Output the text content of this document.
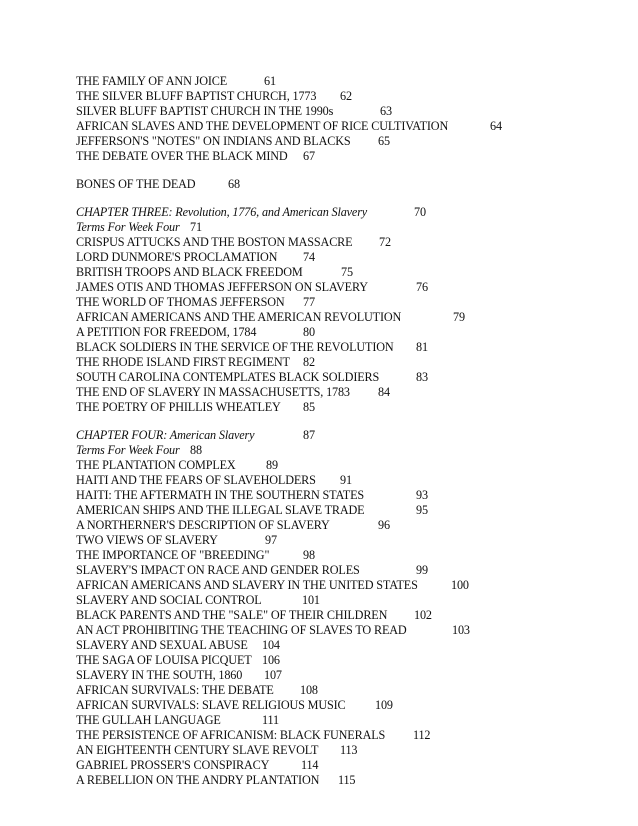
THE FAMILY OF ANN JOICE	61
THE SILVER BLUFF BAPTIST CHURCH, 1773 62
SILVER BLUFF BAPTIST CHURCH IN THE 1990s	63
AFRICAN SLAVES AND THE DEVELOPMENT OF RICE CULTIVATION	64
JEFFERSON'S "NOTES" ON INDIANS AND BLACKS 65
THE DEBATE OVER THE BLACK MIND 67
BONES OF THE DEAD	68
CHAPTER THREE: Revolution, 1776, and American Slavery	70
Terms For Week Four 71
CRISPUS ATTUCKS AND THE BOSTON MASSACRE 72
LORD DUNMORE'S PROCLAMATION 74
BRITISH TROOPS AND BLACK FREEDOM	75
JAMES OTIS AND THOMAS JEFFERSON ON SLAVERY	76
THE WORLD OF THOMAS JEFFERSON 77
AFRICAN AMERICANS AND THE AMERICAN REVOLUTION	79
A PETITION FOR FREEDOM, 1784	80
BLACK SOLDIERS IN THE SERVICE OF THE REVOLUTION 81
THE RHODE ISLAND FIRST REGIMENT 82
SOUTH CAROLINA CONTEMPLATES BLACK SOLDIERS	83
THE END OF SLAVERY IN MASSACHUSETTS, 1783 84
THE POETRY OF PHILLIS WHEATLEY 85
CHAPTER FOUR: American Slavery	87
Terms For Week Four 88
THE PLANTATION COMPLEX 89
HAITI AND THE FEARS OF SLAVEHOLDERS 91
HAITI: THE AFTERMATH IN THE SOUTHERN STATES	93
AMERICAN SHIPS AND THE ILLEGAL SLAVE TRADE	95
A NORTHERNER'S DESCRIPTION OF SLAVERY	96
TWO VIEWS OF SLAVERY	97
THE IMPORTANCE OF "BREEDING"	98
SLAVERY'S IMPACT ON RACE AND GENDER ROLES	99
AFRICAN AMERICANS AND SLAVERY IN THE UNITED STATES	100
SLAVERY AND SOCIAL CONTROL	101
BLACK PARENTS AND THE "SALE" OF THEIR CHILDREN 102
AN ACT PROHIBITING THE TEACHING OF SLAVES TO READ	103
SLAVERY AND SEXUAL ABUSE 104
THE SAGA OF LOUISA PICQUET 106
SLAVERY IN THE SOUTH, 1860 107
AFRICAN SURVIVALS: THE DEBATE 108
AFRICAN SURVIVALS: SLAVE RELIGIOUS MUSIC 109
THE GULLAH LANGUAGE	111
THE PERSISTENCE OF AFRICANISM: BLACK FUNERALS 112
AN EIGHTEENTH CENTURY SLAVE REVOLT 113
GABRIEL PROSSER'S CONSPIRACY	114
A REBELLION ON THE ANDRY PLANTATION 115
